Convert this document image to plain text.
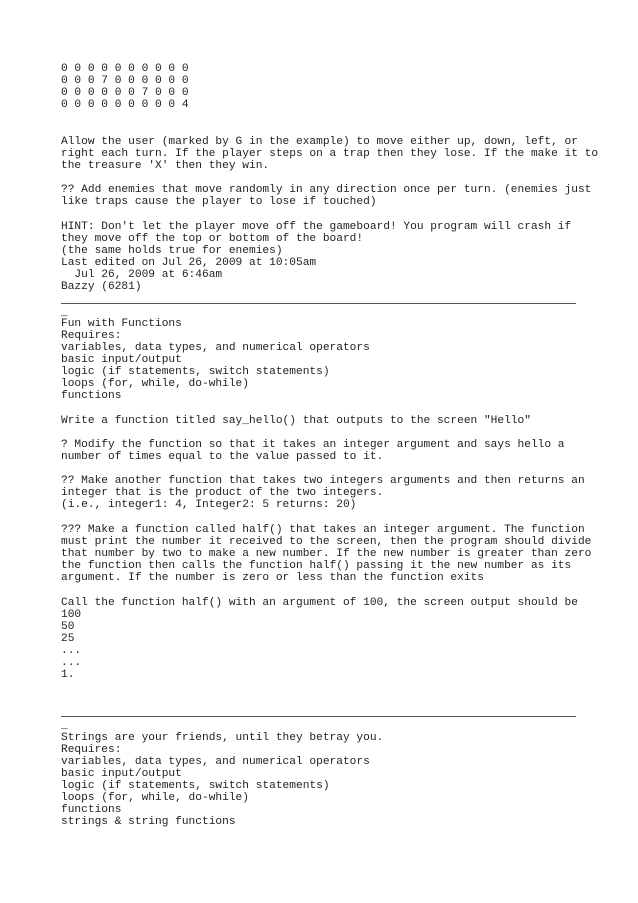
0 0 0 0 0 0 0 0 0 0
0 0 0 7 0 0 0 0 0 0
0 0 0 0 0 0 7 0 0 0
0 0 0 0 0 0 0 0 0 4
Allow the user (marked by G in the example) to move either up, down, left, or
right each turn. If the player steps on a trap then they lose. If the make it to
the treasure 'X' then they win.
?? Add enemies that move randomly in any direction once per turn. (enemies just
like traps cause the player to lose if touched)
HINT: Don't let the player move off the gameboard! You program will crash if
they move off the top or bottom of the board!
(the same holds true for enemies)
Last edited on Jul 26, 2009 at 10:05am
Jul 26, 2009 at 6:46am
Bazzy (6281)
_
Fun with Functions
Requires:
variables, data types, and numerical operators
basic input/output
logic (if statements, switch statements)
loops (for, while, do-while)
functions
Write a function titled say_hello() that outputs to the screen "Hello"
? Modify the function so that it takes an integer argument and says hello a
number of times equal to the value passed to it.
?? Make another function that takes two integers arguments and then returns an
integer that is the product of the two integers.
(i.e., integer1: 4, Integer2: 5 returns: 20)
??? Make a function called half() that takes an integer argument. The function
must print the number it received to the screen, then the program should divide
that number by two to make a new number. If the new number is greater than zero
the function then calls the function half() passing it the new number as its
argument. If the number is zero or less than the function exits
Call the function half() with an argument of 100, the screen output should be
100
50
25
...
...
1.
_
Strings are your friends, until they betray you.
Requires:
variables, data types, and numerical operators
basic input/output
logic (if statements, switch statements)
loops (for, while, do-while)
functions
strings & string functions
